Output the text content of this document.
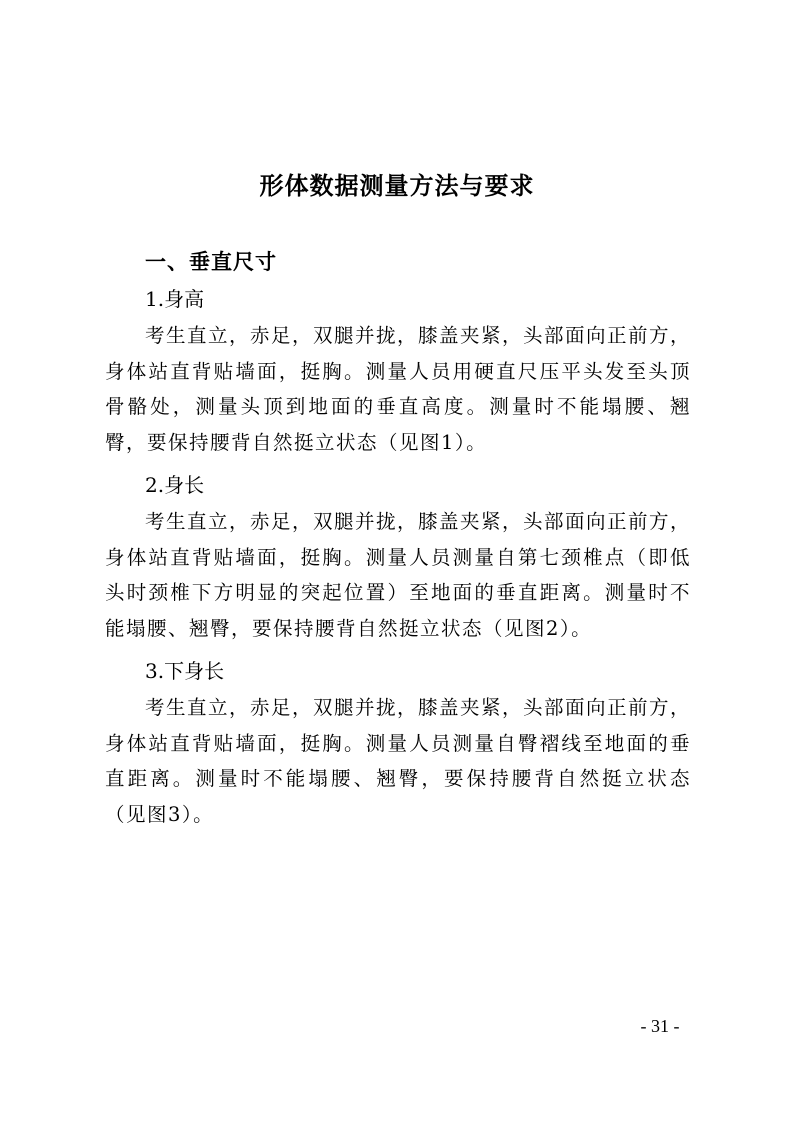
形体数据测量方法与要求
一、垂直尺寸
1.身高
考生直立，赤足，双腿并拢，膝盖夹紧，头部面向正前方，身体站直背贴墙面，挺胸。测量人员用硬直尺压平头发至头顶骨骼处，测量头顶到地面的垂直高度。测量时不能塌腰、翘臀，要保持腰背自然挺立状态（见图1）。
2.身长
考生直立，赤足，双腿并拢，膝盖夹紧，头部面向正前方，身体站直背贴墙面，挺胸。测量人员测量自第七颈椎点（即低头时颈椎下方明显的突起位置）至地面的垂直距离。测量时不能塌腰、翘臀，要保持腰背自然挺立状态（见图2）。
3.下身长
考生直立，赤足，双腿并拢，膝盖夹紧，头部面向正前方，身体站直背贴墙面，挺胸。测量人员测量自臀褶线至地面的垂直距离。测量时不能塌腰、翘臀，要保持腰背自然挺立状态（见图3）。
- 31 -
